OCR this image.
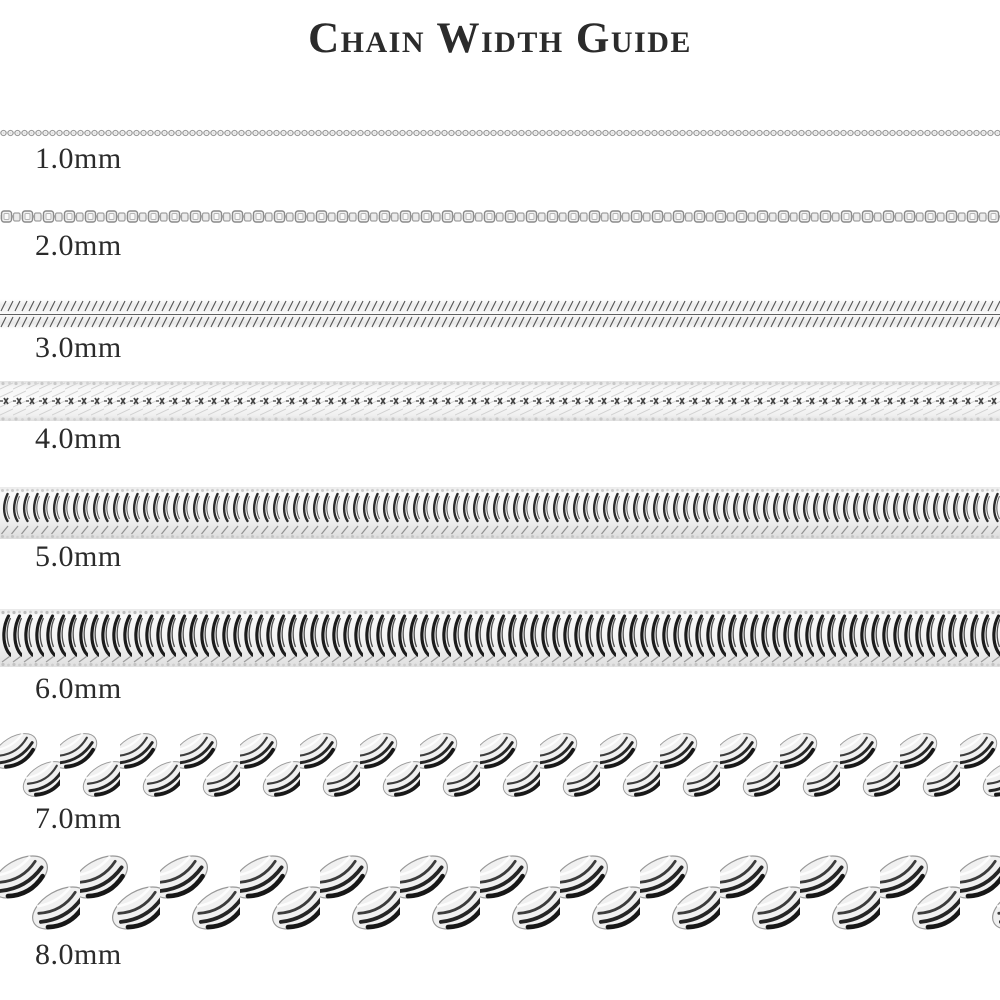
Chain Width Guide
1.0mm
2.0mm
3.0mm
4.0mm
5.0mm
6.0mm
7.0mm
8.0mm
